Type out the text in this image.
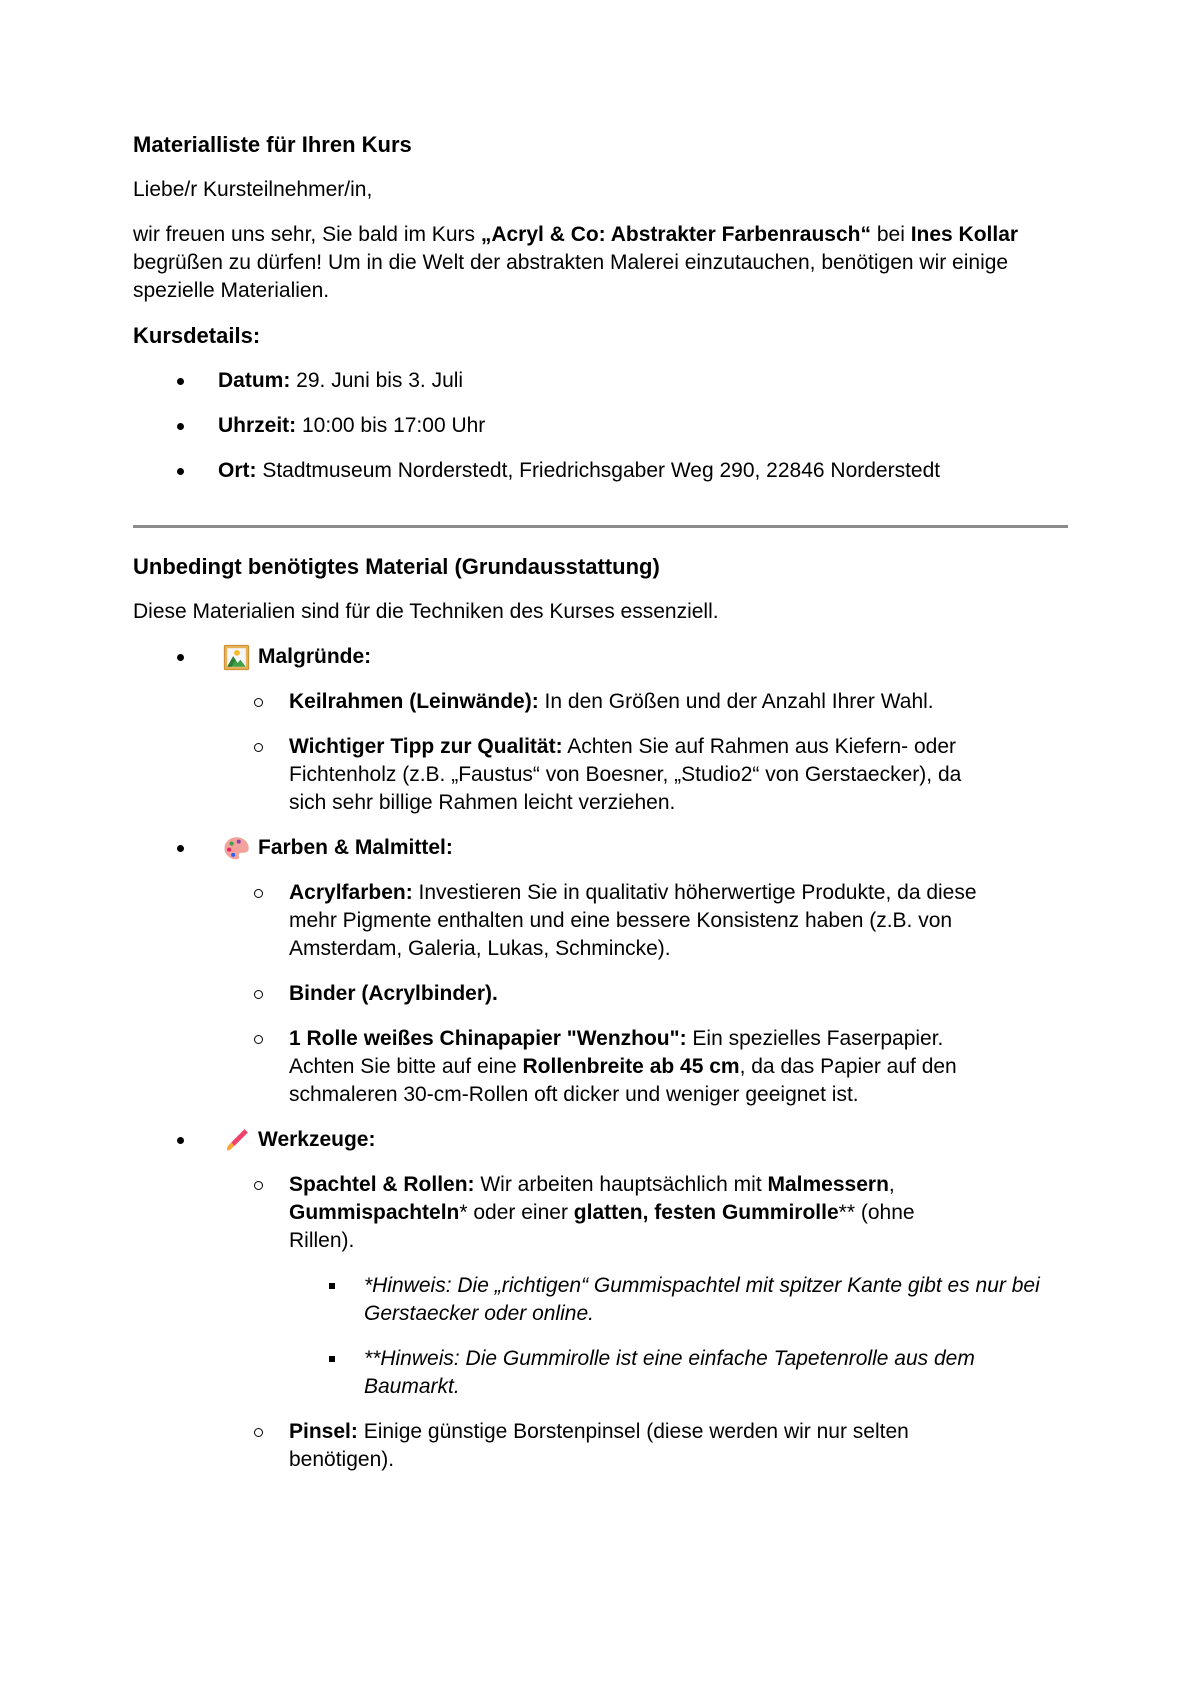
Materialliste für Ihren Kurs

Liebe/r Kursteilnehmer/in,

wir freuen uns sehr, Sie bald im Kurs „Acryl & Co: Abstrakter Farbenrausch“ bei Ines Kollar begrüßen zu dürfen! Um in die Welt der abstrakten Malerei einzutauchen, benötigen wir einige spezielle Materialien.

Kursdetails:
Datum: 29. Juni bis 3. Juli
Uhrzeit: 10:00 bis 17:00 Uhr
Ort: Stadtmuseum Norderstedt, Friedrichsgaber Weg 290, 22846 Norderstedt
Unbedingt benötigtes Material (Grundausstattung)

Diese Materialien sind für die Techniken des Kurses essenziell.

Malgründe:
Keilrahmen (Leinwände): In den Größen und der Anzahl Ihrer Wahl.
Wichtiger Tipp zur Qualität: Achten Sie auf Rahmen aus Kiefern- oder Fichtenholz (z.B. „Faustus“ von Boesner, „Studio2“ von Gerstaecker), da sich sehr billige Rahmen leicht verziehen.
Farben & Malmittel:
Acrylfarben: Investieren Sie in qualitativ höherwertige Produkte, da diese mehr Pigmente enthalten und eine bessere Konsistenz haben (z.B. von Amsterdam, Galeria, Lukas, Schmincke).
Binder (Acrylbinder).
1 Rolle weißes Chinapapier "Wenzhou": Ein spezielles Faserpapier. Achten Sie bitte auf eine Rollenbreite ab 45 cm, da das Papier auf den schmaleren 30-cm-Rollen oft dicker und weniger geeignet ist.
Werkzeuge:
Spachtel & Rollen: Wir arbeiten hauptsächlich mit Malmessern, Gummispachteln* oder einer glatten, festen Gummirolle** (ohne Rillen).
*Hinweis: Die „richtigen“ Gummispachtel mit spitzer Kante gibt es nur bei Gerstaecker oder online.
**Hinweis: Die Gummirolle ist eine einfache Tapetenrolle aus dem Baumarkt.
Pinsel: Einige günstige Borstenpinsel (diese werden wir nur selten benötigen).
